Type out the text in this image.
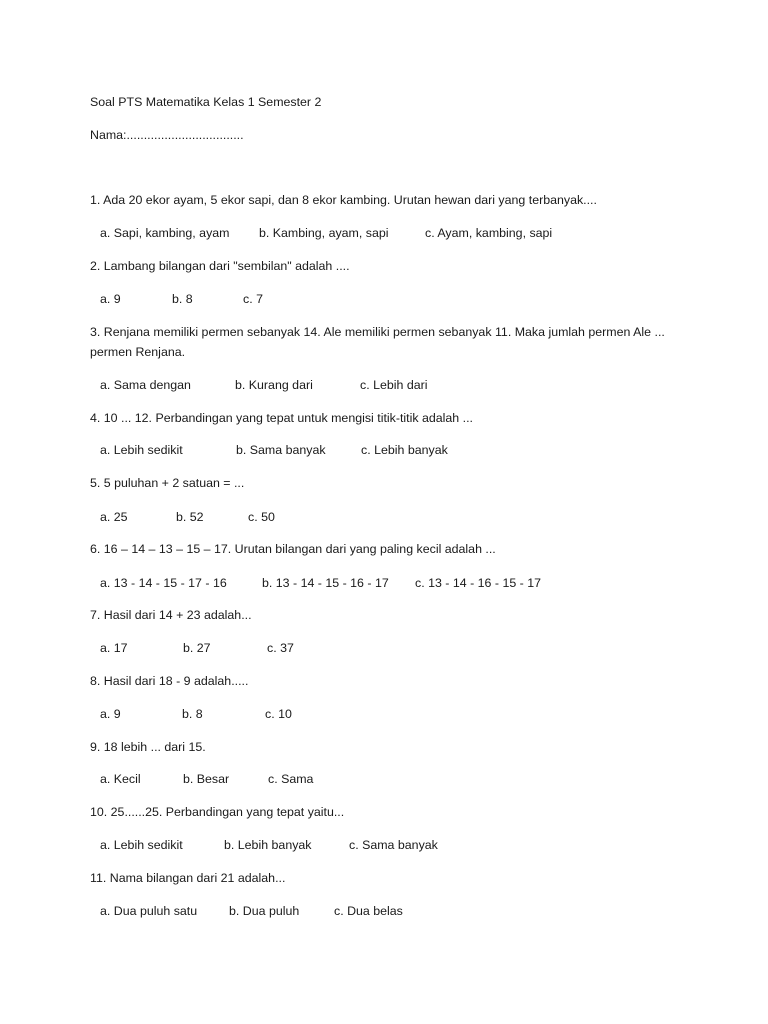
Soal PTS Matematika Kelas 1 Semester 2
Nama:..................................
1. Ada 20 ekor ayam, 5 ekor sapi, dan 8 ekor kambing. Urutan hewan dari yang terbanyak....
a. Sapi, kambing, ayam b. Kambing, ayam, sapi	c. Ayam, kambing, sapi
2. Lambang bilangan dari "sembilan" adalah ....
a. 9	b. 8	c. 7
3. Renjana memiliki permen sebanyak 14. Ale memiliki permen sebanyak 11. Maka jumlah permen Ale ...
permen Renjana.
a. Sama dengan	b. Kurang dari	c. Lebih dari
4. 10 ... 12. Perbandingan yang tepat untuk mengisi titik-titik adalah ...
a. Lebih sedikit	b. Sama banyak	c. Lebih banyak
5. 5 puluhan + 2 satuan = ...
a. 25	b. 52	c. 50
6. 16 – 14 – 13 – 15 – 17. Urutan bilangan dari yang paling kecil adalah ...
a. 13 - 14 - 15 - 17 - 16	b. 13 - 14 - 15 - 16 - 17 c. 13 - 14 - 16 - 15 - 17
7. Hasil dari 14 + 23 adalah...
a. 17	b. 27	c. 37
8. Hasil dari 18 - 9 adalah.....
a. 9	b. 8	c. 10
9. 18 lebih ... dari 15.
a. Kecil	b. Besar	c. Sama
10. 25......25. Perbandingan yang tepat yaitu...
a. Lebih sedikit	b. Lebih banyak	c. Sama banyak
11. Nama bilangan dari 21 adalah...
a. Dua puluh satu	b. Dua puluh	c. Dua belas
